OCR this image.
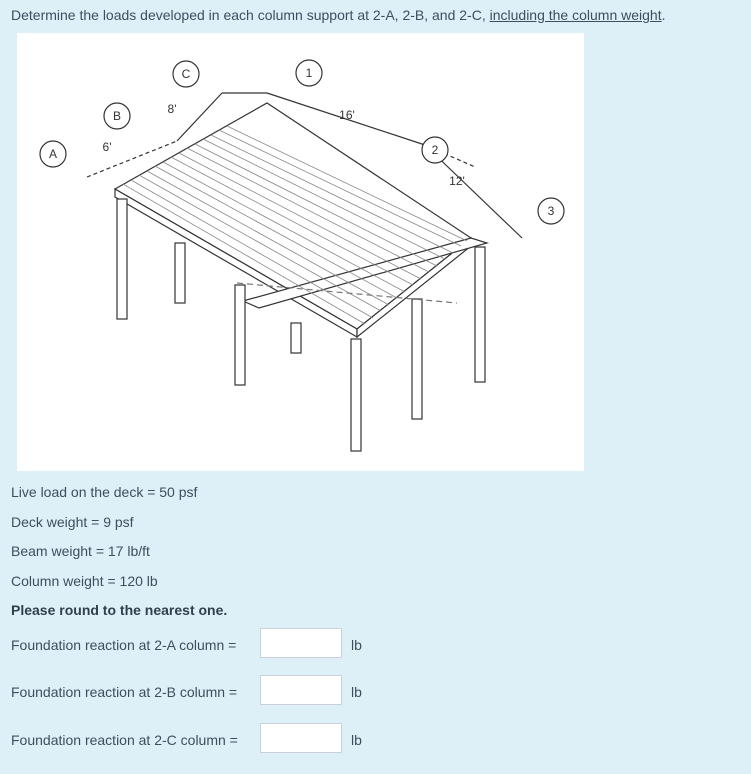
Determine the loads developed in each column support at 2-A, 2-B, and 2-C, including the column weight.
A
B
C	1
2
3
6'
8'	16'
12'
Live load on the deck = 50 psf
Deck weight = 9 psf
Beam weight = 17 lb/ft
Column weight = 120 lb
Please round to the nearest one.
Foundation reaction at 2-A column =	lb
Foundation reaction at 2-B column =	lb
Foundation reaction at 2-C column =	lb
